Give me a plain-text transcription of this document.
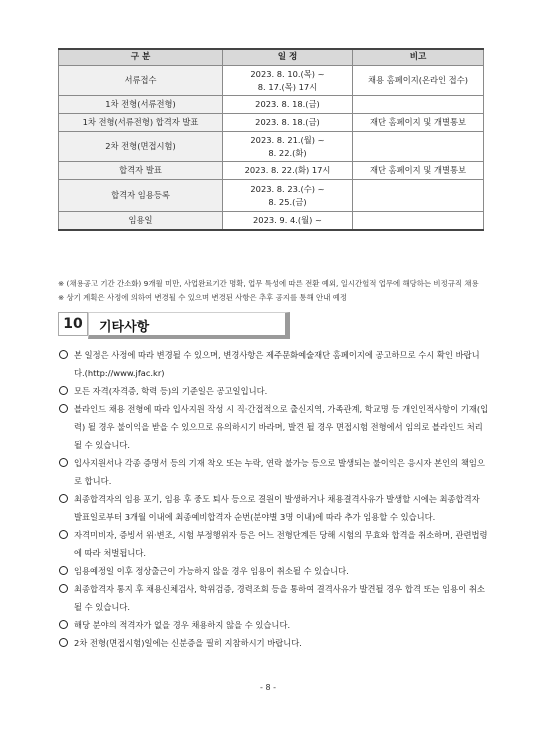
구 분	일 정	비고
서류접수	2023. 8. 10.(목) ~
8. 17.(목) 17시	채용 홈페이지(온라인 접수)
1차 전형(서류전형)	2023. 8. 18.(금)	
1차 전형(서류전형) 합격자 발표	2023. 8. 18.(금)	재단 홈페이지 및 개별통보
2차 전형(면접시험)	2023. 8. 21.(월) ~
8. 22.(화)	
합격자 발표	2023. 8. 22.(화) 17시	재단 홈페이지 및 개별통보
합격자 임용등록	2023. 8. 23.(수) ~
8. 25.(금)	
임용일	2023. 9. 4.(월) ~	

※ (채용공고 기간 간소화) 9개월 미만, 사업완료기간 명확, 업무 특성에 따른 전환 예외, 일시간헐적 업무에 해당하는 비정규직 채용

※ 상기 계획은 사정에 의하여 변경될 수 있으며 변경된 사항은 추후 공지를 통해 안내 예정

기타사항
10

본 일정은 사정에 따라 변경될 수 있으며, 변경사항은 제주문화예술재단 홈페이지에 공고하므로 수시 확인 바랍니다.(http://www.jfac.kr)

모든 자격(자격증, 학력 등)의 기준일은 공고일입니다.

블라인드 채용 전형에 따라 입사지원 작성 시 직·간접적으로 출신지역, 가족관계, 학교명 등 개인인적사항이 기재(입력) 될 경우 불이익을 받을 수 있으므로 유의하시기 바라며, 발견 될 경우 면접시험 전형에서 임의로 블라인드 처리될 수 있습니다.

입사지원서나 각종 증명서 등의 기재 착오 또는 누락, 연락 불가능 등으로 발생되는 불이익은 응시자 본인의 책임으로 합니다.

최종합격자의 임용 포기, 임용 후 중도 퇴사 등으로 결원이 발생하거나 채용결격사유가 발생할 시에는 최종합격자 발표일로부터 3개월 이내에 최종예비합격자 순번(분야별 3명 이내)에 따라 추가 임용할 수 있습니다.

자격미비자, 증빙서 위·변조, 시험 부정행위자 등은 어느 전형단계든 당해 시험의 무효와 합격을 취소하며, 관련법령에 따라 처벌됩니다.

임용예정일 이후 정상출근이 가능하지 않을 경우 임용이 취소될 수 있습니다.

최종합격자 통지 후 채용신체검사, 학위검증, 경력조회 등을 통하여 결격사유가 발견될 경우 합격 또는 임용이 취소될 수 있습니다.

해당 분야의 적격자가 없을 경우 채용하지 않을 수 있습니다.

2차 전형(면접시험)일에는 신분증을 필히 지참하시기 바랍니다.

- 8 -
